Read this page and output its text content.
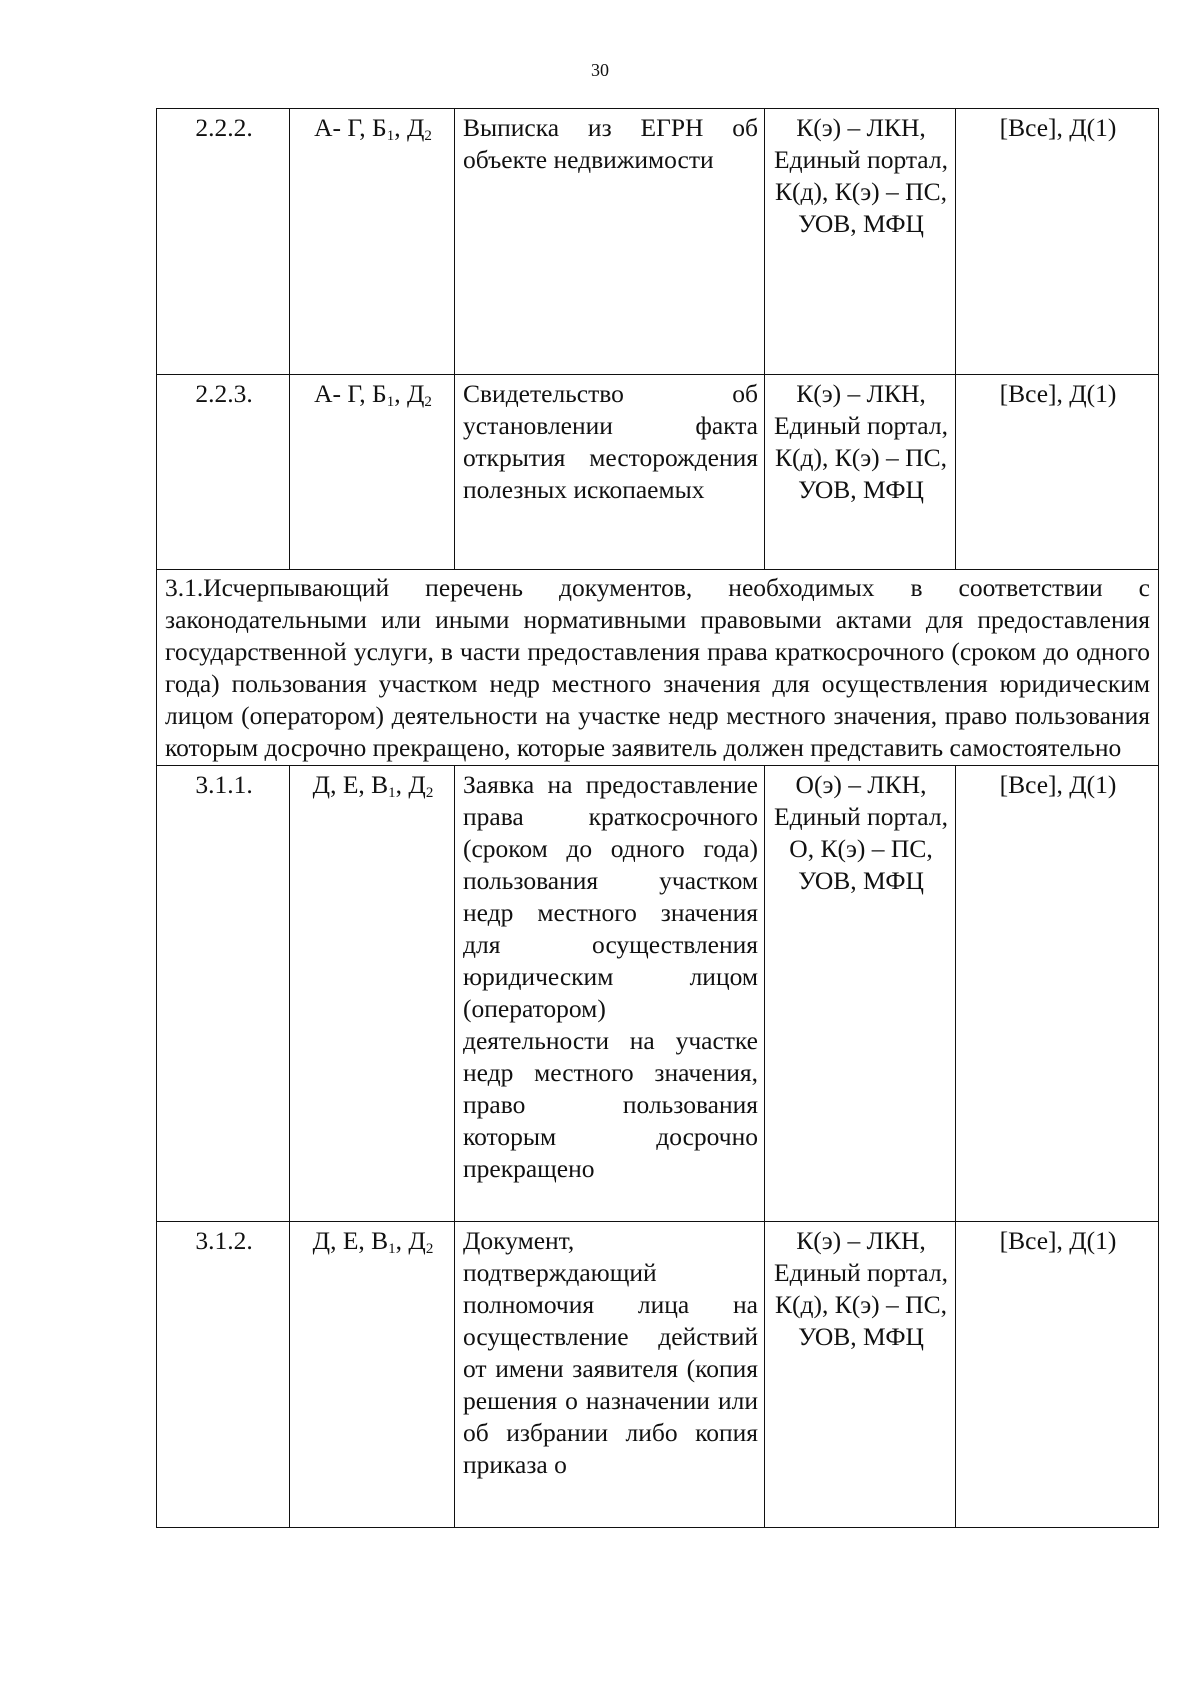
30
2.2.2.	А- Г, $Б_1$, $Д_2$	Выписка из ЕГРН об объекте недвижимости	К(э) – ЛКН, Единый портал, К(д), К(э) – ПС, УОВ, МФЦ	[Все], Д(1)
2.2.3.	А- Г, $Б_1$, $Д_2$	Свидетельство об установлении факта открытия месторождения полезных ископаемых	К(э) – ЛКН, Единый портал, К(д), К(э) – ПС, УОВ, МФЦ	[Все], Д(1)
3.1.Исчерпывающий перечень документов, необходимых в соответствии с законодательными или иными нормативными правовыми актами для предоставления государственной услуги, в части предоставления права краткосрочного (сроком до одного года) пользования участком недр местного значения для осуществления юридическим лицом (оператором) деятельности на участке недр местного значения, право пользования которым досрочно прекращено, которые заявитель должен представить самостоятельно				
3.1.1.	Д, Е, $В_1$, $Д_2$	Заявка на предоставление права краткосрочного (сроком до одного года) пользования участком недр местного значения для осуществления юридическим лицом (оператором) деятельности на участке недр местного значения, право пользования которым досрочно прекращено	О(э) – ЛКН, Единый портал, О, К(э) – ПС, УОВ, МФЦ	[Все], Д(1)
3.1.2.	Д, Е, $В_1$, $Д_2$	Документ, подтверждающий полномочия лица на осуществление действий от имени заявителя (копия решения о назначении или об избрании либо копия приказа о	К(э) – ЛКН, Единый портал, К(д), К(э) – ПС, УОВ, МФЦ	[Все], Д(1)
